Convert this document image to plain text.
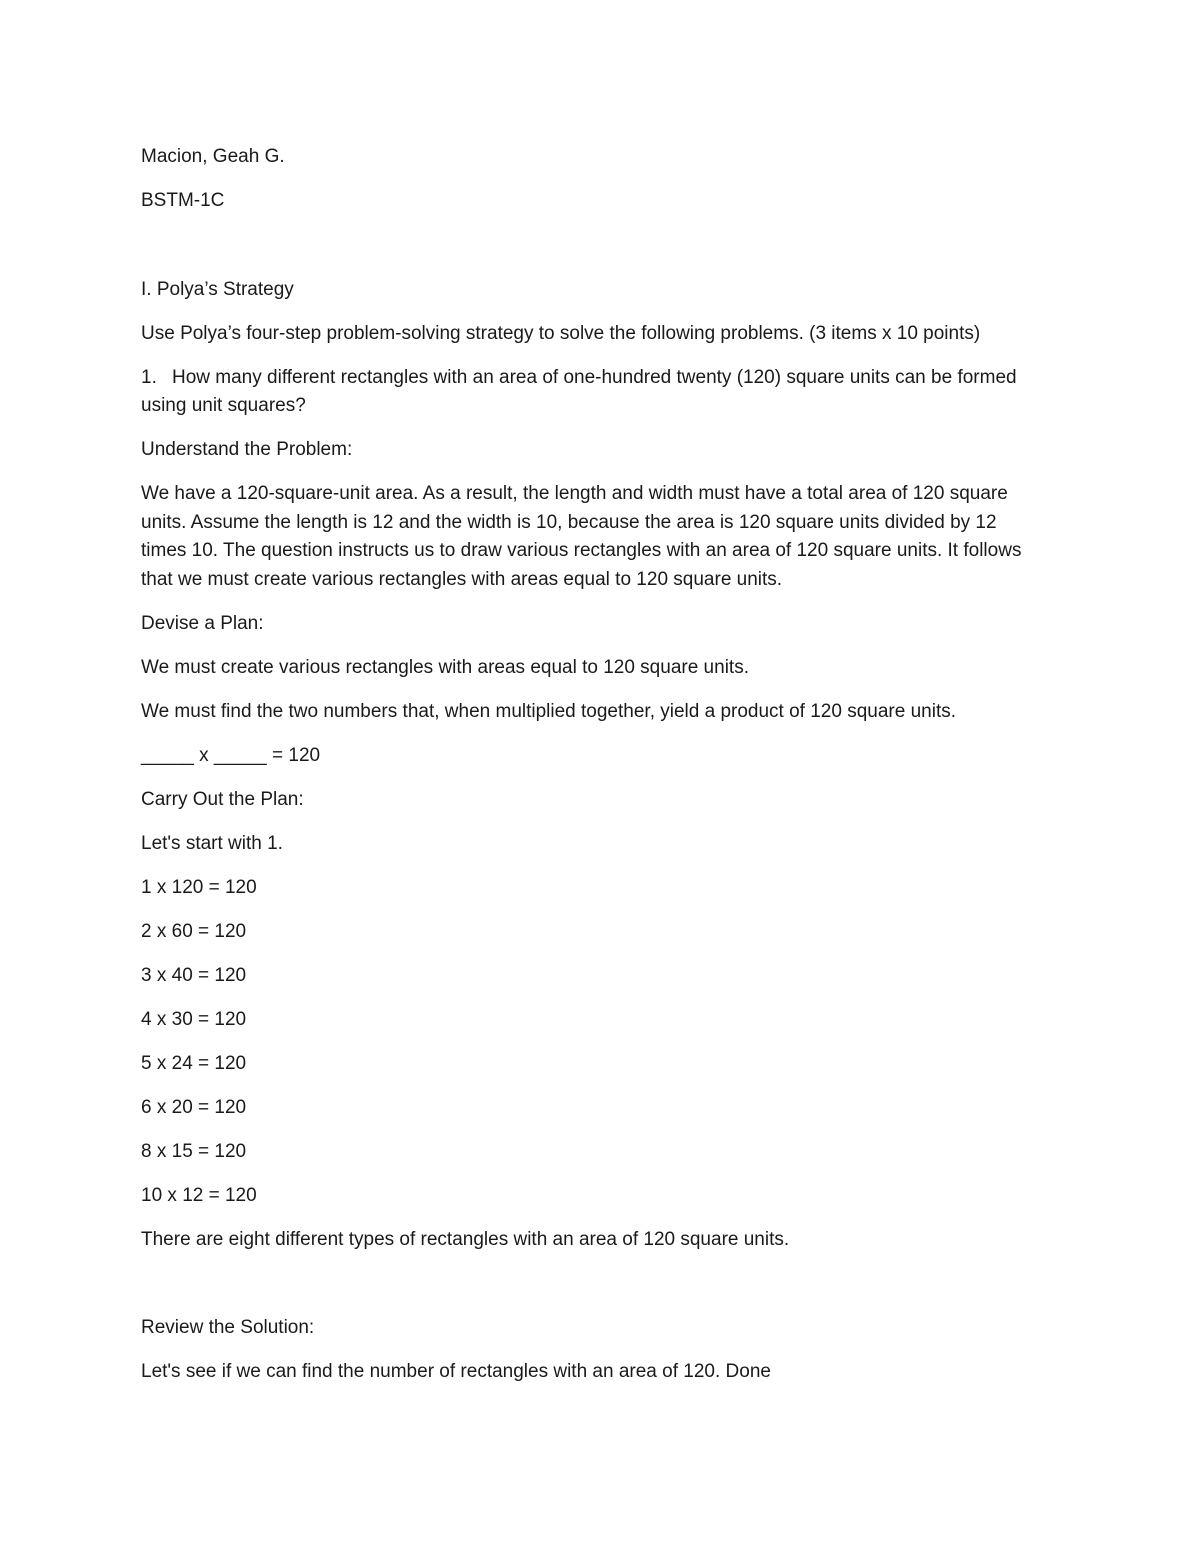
Macion, Geah G.

BSTM-1C

I. Polya’s Strategy

Use Polya’s four-step problem-solving strategy to solve the following problems. (3 items x 10 points)

1. How many different rectangles with an area of one-hundred twenty (120) square units can be formed

using unit squares?

Understand the Problem:

We have a 120-square-unit area. As a result, the length and width must have a total area of 120 square

units. Assume the length is 12 and the width is 10, because the area is 120 square units divided by 12

times 10. The question instructs us to draw various rectangles with an area of 120 square units. It follows

that we must create various rectangles with areas equal to 120 square units.

Devise a Plan:

We must create various rectangles with areas equal to 120 square units.

We must find the two numbers that, when multiplied together, yield a product of 120 square units.

_____ x _____ = 120

Carry Out the Plan:

Let's start with 1.

1 x 120 = 120

2 x 60 = 120

3 x 40 = 120

4 x 30 = 120

5 x 24 = 120

6 x 20 = 120

8 x 15 = 120

10 x 12 = 120

There are eight different types of rectangles with an area of 120 square units.

Review the Solution:

Let's see if we can find the number of rectangles with an area of 120. Done
